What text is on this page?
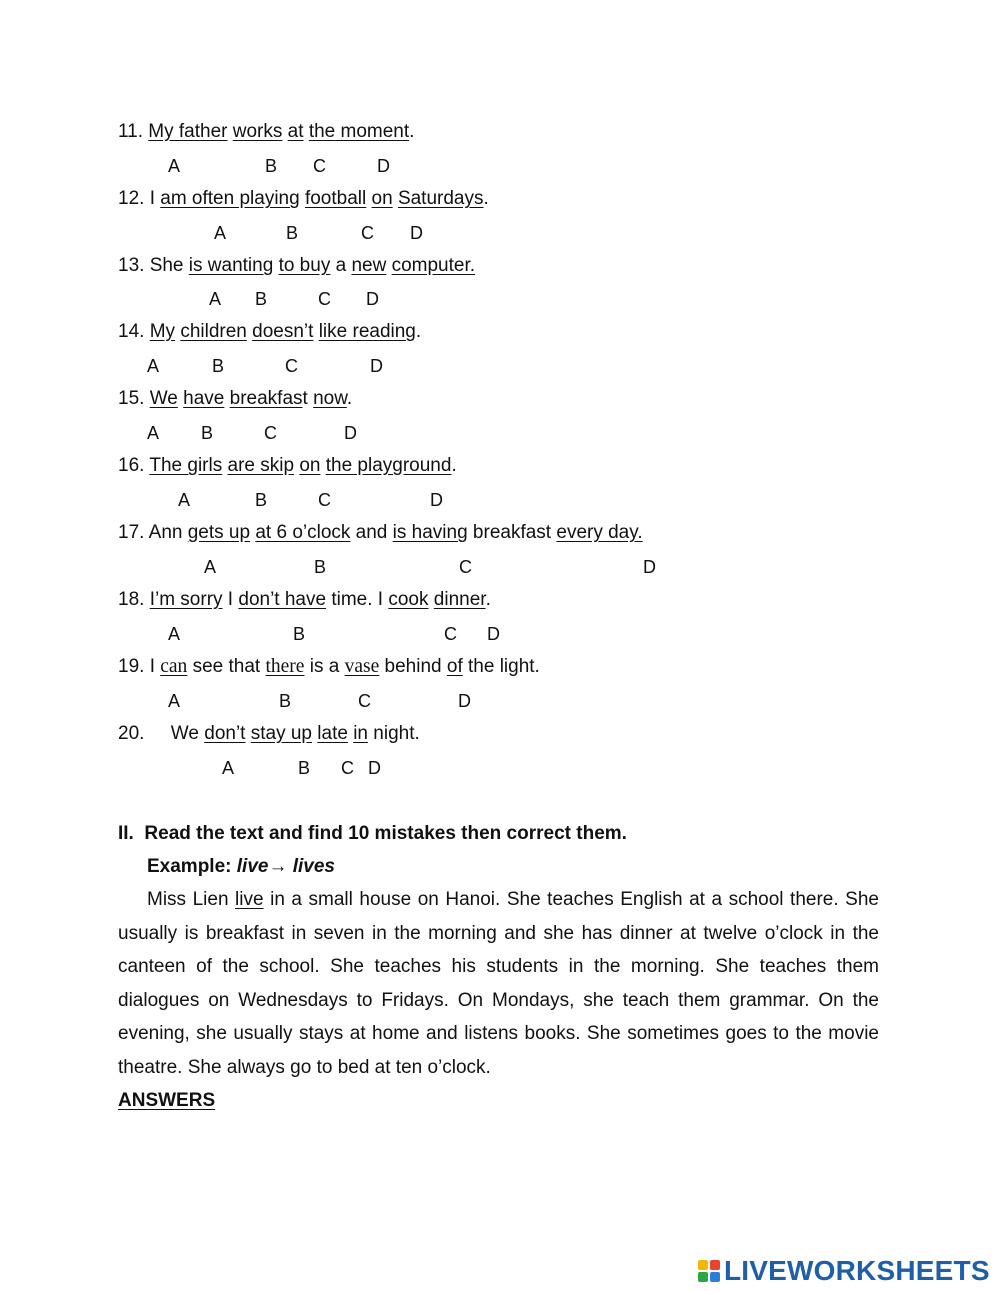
11. My father works at the moment.
A	B C	D
12. I am often playing football on Saturdays.
A	B	C D
13. She is wanting to buy a new computer.
A B	C D
14. My children doesn’t like reading.
A	B	C	D
15. We have breakfast now.
A B	C	D
16. The girls are skip on the playground.
A	B	C	D
17. Ann gets up at 6 o’clock and is having breakfast every day.
A	B	C	D
18. I’m sorry I don’t have time. I cook dinner.
A	B	C D
19. I can see that there is a vase behind of the light.
A	B	C	D
20.     We don’t stay up late in night.
A	B C D
II. Read the text and find 10 mistakes then correct them.
Example: live→ lives
Miss Lien live in a small house on Hanoi. She teaches English at a school there. She usually is breakfast in seven in the morning and she has dinner at twelve o’clock in the canteen of the school. She teaches his students in the morning. She teaches them dialogues on Wednesdays to Fridays. On Mondays, she teach them grammar. On the evening, she usually stays at home and listens books. She sometimes goes to the movie theatre. She always go to bed at ten o’clock.
ANSWERS
LIVEWORKSHEETS
